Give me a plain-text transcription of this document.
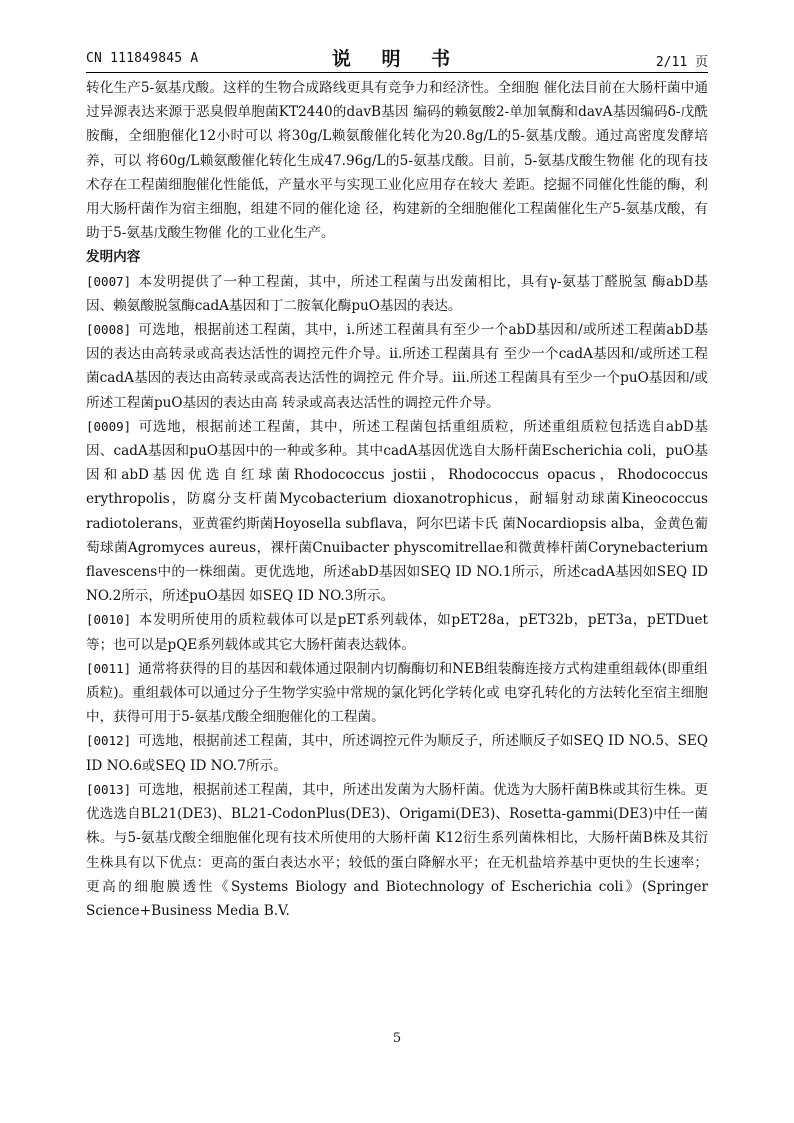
CN 111849845 A	说 明 书	2/11 页

转化生产5-氨基戊酸。这样的生物合成路线更具有竞争力和经济性。全细胞 催化法目前在大肠杆菌中通过异源表达来源于恶臭假单胞菌KT2440的davB基因 编码的赖氨酸2-单加氧酶和davA基因编码δ-戊酰胺酶，全细胞催化12小时可以 将30g/L赖氨酸催化转化为20.8g/L的5-氨基戊酸。通过高密度发酵培养，可以 将60g/L赖氨酸催化转化生成47.96g/L的5-氨基戊酸。目前，5-氨基戊酸生物催 化的现有技术存在工程菌细胞催化性能低，产量水平与实现工业化应用存在较大 差距。挖掘不同催化性能的酶，利用大肠杆菌作为宿主细胞，组建不同的催化途 径，构建新的全细胞催化工程菌催化生产5-氨基戊酸，有助于5-氨基戊酸生物催 化的工业化生产。

发明内容

[0007] 本发明提供了一种工程菌，其中，所述工程菌与出发菌相比，具有γ-氨基丁醛脱氢 酶abD基因、赖氨酸脱氢酶cadA基因和丁二胺氧化酶puO基因的表达。

[0008] 可选地，根据前述工程菌，其中，i.所述工程菌具有至少一个abD基因和/或所述工程菌abD基因的表达由高转录或高表达活性的调控元件介导。ii.所述工程菌具有 至少一个cadA基因和/或所述工程菌cadA基因的表达由高转录或高表达活性的调控元 件介导。iii.所述工程菌具有至少一个puO基因和/或所述工程菌puO基因的表达由高 转录或高表达活性的调控元件介导。

[0009] 可选地，根据前述工程菌，其中，所述工程菌包括重组质粒，所述重组质粒包括选自abD基因、cadA基因和puO基因中的一种或多种。其中cadA基因优选自大肠杆菌Escherichia coli，puO基因和abD基因优选自红球菌Rhodococcus jostii，Rhodococcus opacus，Rhodococcus erythropolis，防腐分支杆菌Mycobacterium dioxanotrophicus，耐辐射动球菌Kineococcus radiotolerans，亚黄霍约斯菌Hoyosella subflava，阿尔巴诺卡氏 菌Nocardiopsis alba，金黄色葡萄球菌Agromyces aureus，裸杆菌Cnuibacter physcomitrellae和微黄棒杆菌Corynebacterium flavescens中的一株细菌。更优选地，所述abD基因如SEQ ID NO.1所示，所述cadA基因如SEQ ID NO.2所示，所述puO基因 如SEQ ID NO.3所示。

[0010] 本发明所使用的质粒载体可以是pET系列载体，如pET28a，pET32b，pET3a，pETDuet等；也可以是pQE系列载体或其它大肠杆菌表达载体。

[0011] 通常将获得的目的基因和载体通过限制内切酶酶切和NEB组装酶连接方式构建重组载体(即重组质粒)。重组载体可以通过分子生物学实验中常规的氯化钙化学转化或 电穿孔转化的方法转化至宿主细胞中，获得可用于5-氨基戊酸全细胞催化的工程菌。

[0012] 可选地，根据前述工程菌，其中，所述调控元件为顺反子，所述顺反子如SEQ ID NO.5、SEQ ID NO.6或SEQ ID NO.7所示。

[0013] 可选地，根据前述工程菌，其中，所述出发菌为大肠杆菌。优选为大肠杆菌B株或其衍生株。更优选选自BL21(DE3)、BL21-CodonPlus(DE3)、Origami(DE3)、Rosetta-gammi(DE3)中任一菌株。与5-氨基戊酸全细胞催化现有技术所使用的大肠杆菌 K12衍生系列菌株相比，大肠杆菌B株及其衍生株具有以下优点：更高的蛋白表达水平；较低的蛋白降解水平；在无机盐培养基中更快的生长速率；更高的细胞膜透性《Systems Biology and Biotechnology of Escherichia coli》(Springer Science+Business Media B.V.

5
